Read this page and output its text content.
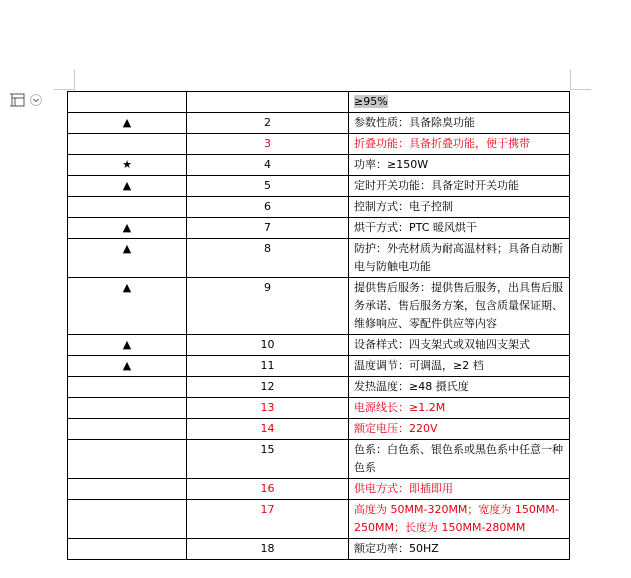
		≥95%
▲	2	参数性质：具备除臭功能
	3	折叠功能：具备折叠功能，便于携带
★	4	功率：≥150W
▲	5	定时开关功能：具备定时开关功能
	6	控制方式：电子控制
▲	7	烘干方式：PTC 暖风烘干
▲	8	防护：外壳材质为耐高温材料；具备自动断电与防触电功能
▲	9	提供售后服务：提供售后服务，出具售后服务承诺、售后服务方案，包含质量保证期、维修响应、零配件供应等内容
▲	10	设备样式：四支架式或双轴四支架式
▲	11	温度调节：可调温，≥2 档
	12	发热温度：≥48 摄氏度
	13	电源线长：≥1.2M
	14	额定电压：220V
	15	色系：白色系、银色系或黑色系中任意一种色系
	16	供电方式：即插即用
	17	高度为 50MM-320MM；宽度为 150MM-250MM；长度为 150MM-280MM
	18	额定功率：50HZ
